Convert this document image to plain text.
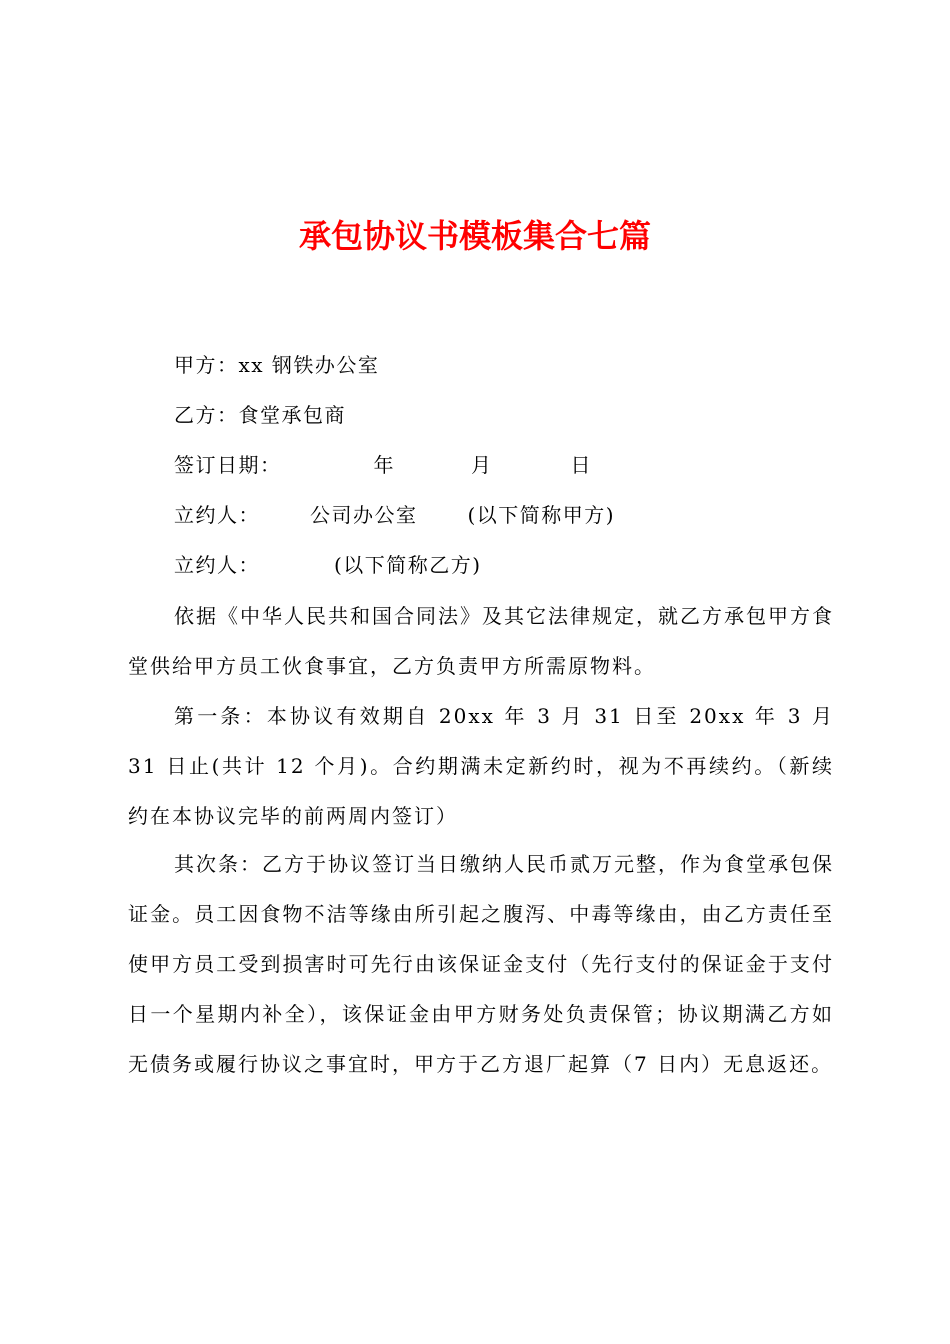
承包协议书模板集合七篇
甲方：xx 钢铁办公室
乙方：食堂承包商
签订日期：	年	月	日
立约人：	公司办公室	(以下简称甲方)
立约人：	(以下简称乙方)
依据《中华人民共和国合同法》及其它法律规定，就乙方承包甲方食堂供给甲方员工伙食事宜，乙方负责甲方所需原物料。
第一条：本协议有效期自 20xx 年 3 月 31 日至 20xx 年 3 月 31 日止(共计 12 个月)。合约期满未定新约时，视为不再续约。（新续约在本协议完毕的前两周内签订）
其次条：乙方于协议签订当日缴纳人民币贰万元整，作为食堂承包保证金。员工因食物不洁等缘由所引起之腹泻、中毒等缘由，由乙方责任至使甲方员工受到损害时可先行由该保证金支付（先行支付的保证金于支付日一个星期内补全），该保证金由甲方财务处负责保管；协议期满乙方如无债务或履行协议之事宜时，甲方于乙方退厂起算（7 日内）无息返还。
